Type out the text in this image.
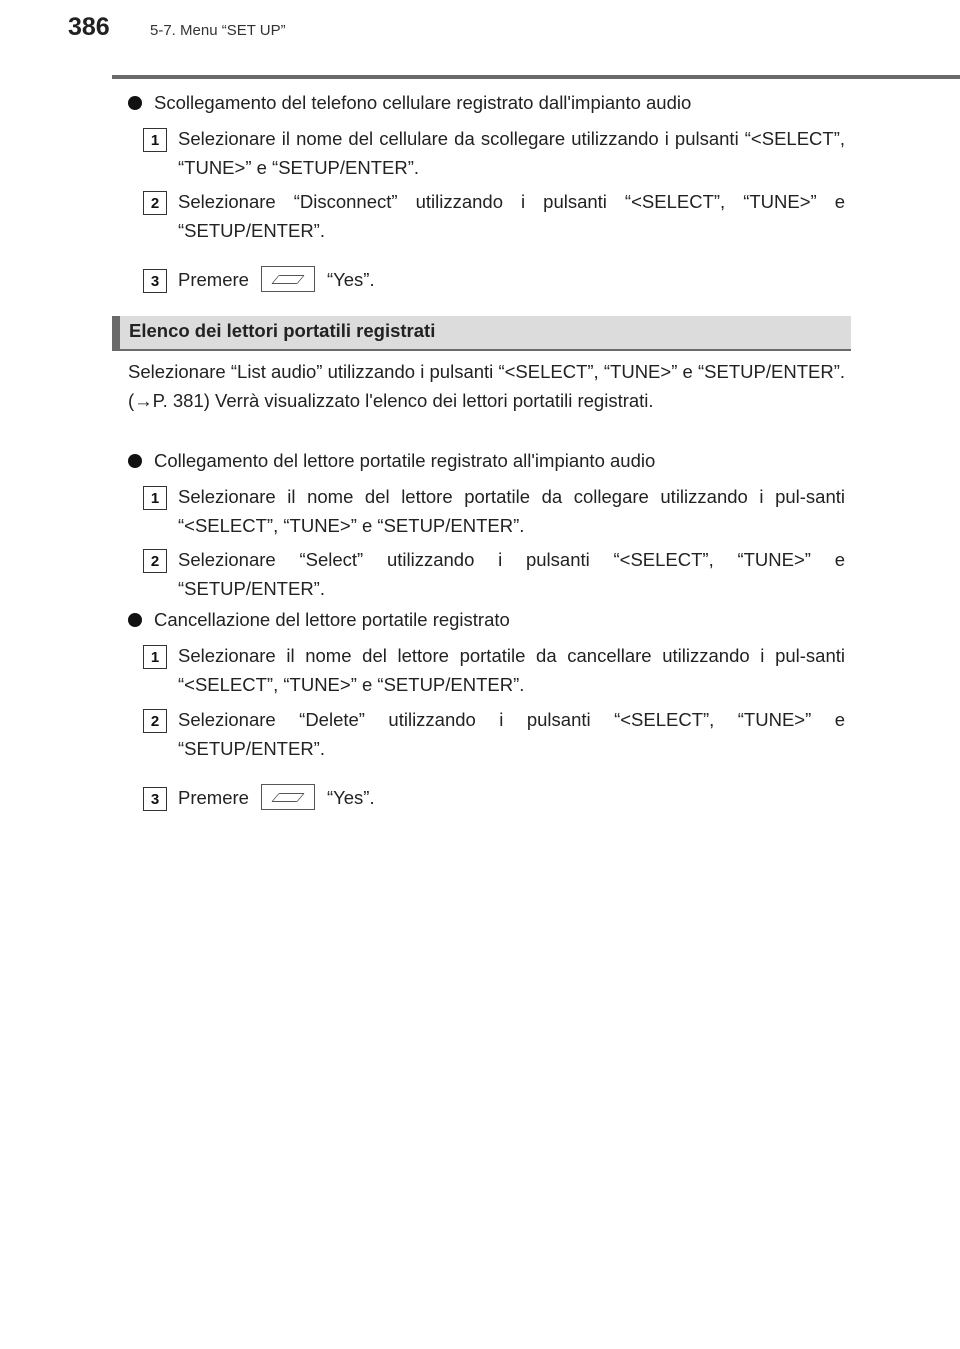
386	5-7. Menu “SET UP”
Scollegamento del telefono cellulare registrato dall'impianto audio
1	Selezionare il nome del cellulare da scollegare utilizzando i pulsanti “<SELECT”, “TUNE>” e “SETUP/ENTER”.
2	Selezionare “Disconnect” utilizzando i pulsanti “<SELECT”, “TUNE>” e “SETUP/ENTER”.
3	Premere	“Yes”.
Elenco dei lettori portatili registrati
Selezionare “List audio” utilizzando i pulsanti “<SELECT”, “TUNE>” e “SETUP/ENTER”. (→P. 381) Verrà visualizzato l'elenco dei lettori portatili registrati.
Collegamento del lettore portatile registrato all'impianto audio
1	Selezionare il nome del lettore portatile da collegare utilizzando i pul-santi “<SELECT”, “TUNE>” e “SETUP/ENTER”.
2	Selezionare “Select” utilizzando i pulsanti “<SELECT”, “TUNE>” e “SETUP/ENTER”.
Cancellazione del lettore portatile registrato
1	Selezionare il nome del lettore portatile da cancellare utilizzando i pul-santi “<SELECT”, “TUNE>” e “SETUP/ENTER”.
2	Selezionare “Delete” utilizzando i pulsanti “<SELECT”, “TUNE>” e “SETUP/ENTER”.
3	Premere	“Yes”.
